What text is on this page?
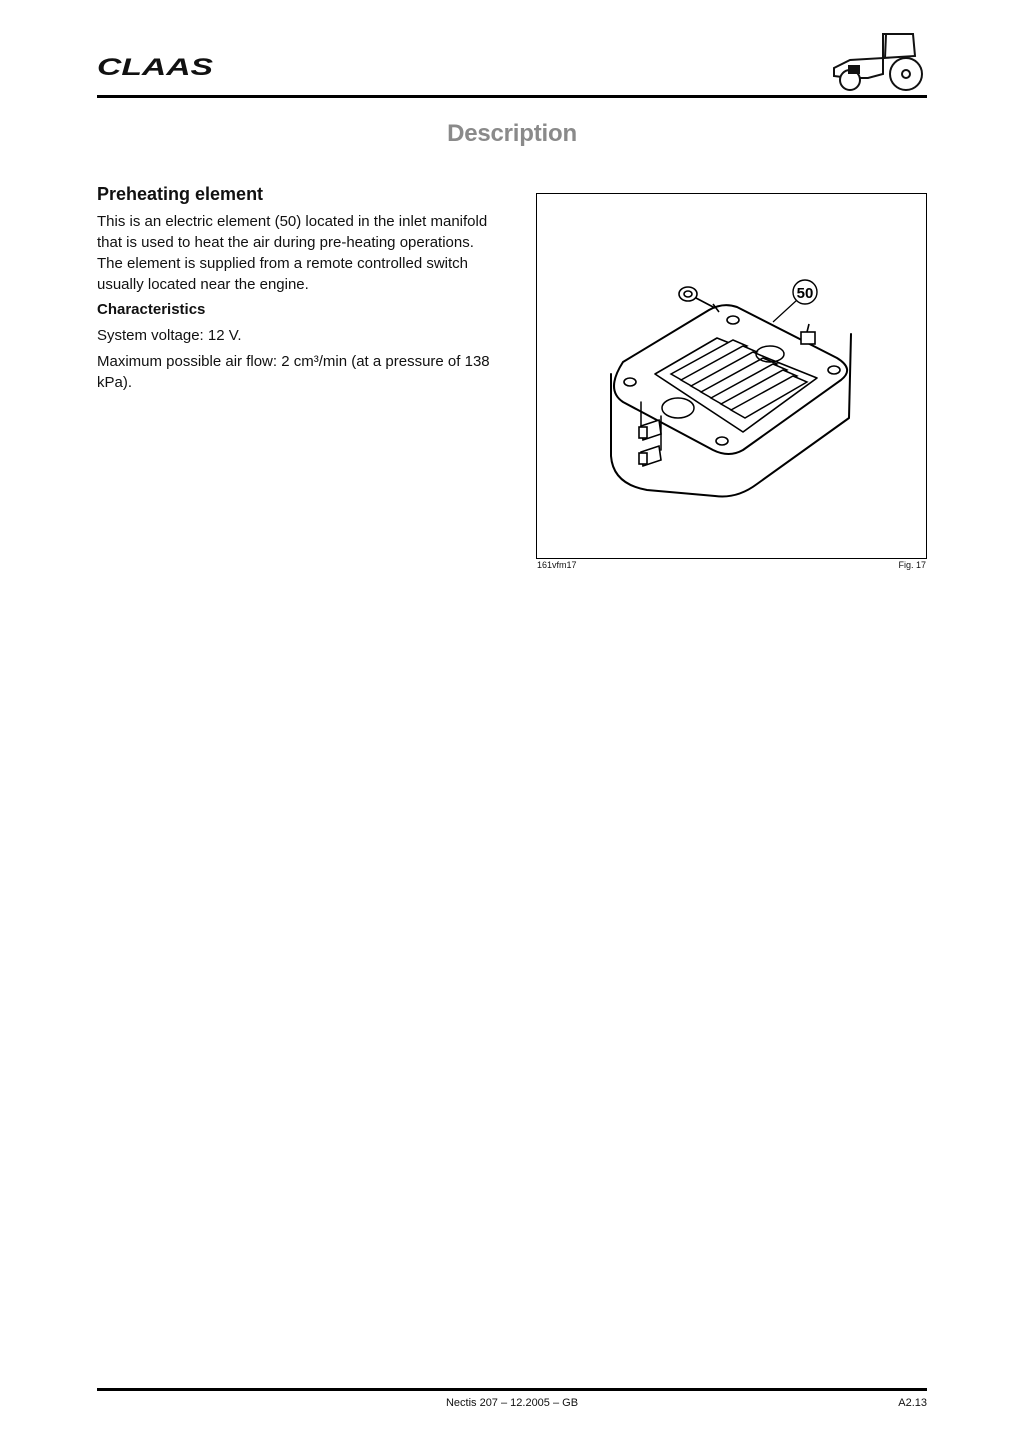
CLAAS
Description
Preheating element

This is an electric element (50) located in the inlet manifold that is used to heat the air during pre-heating operations. The element is supplied from a remote controlled switch usually located near the engine.

Characteristics

System voltage: 12 V.

Maximum possible air flow: 2 cm³/min (at a pressure of 138 kPa).

50
161vfm17	Fig. 17
Nectis 207 – 12.2005 – GB	A2.13
